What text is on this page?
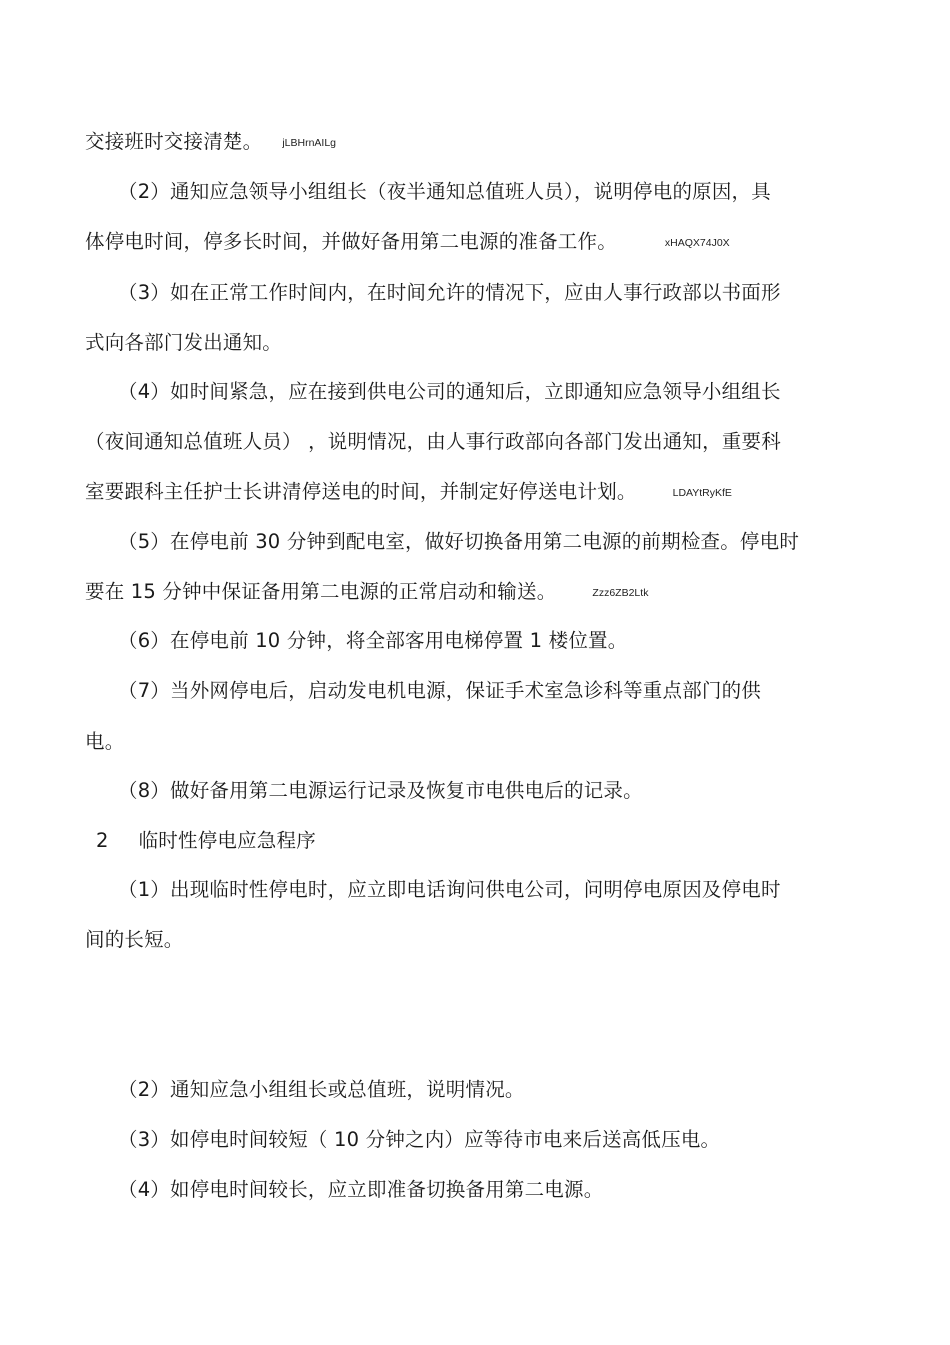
交接班时交接清楚。 jLBHrnAILg
（2）通知应急领导小组组长（夜半通知总值班人员），说明停电的原因，具
体停电时间，停多长时间，并做好备用第二电源的准备工作。	xHAQX74J0X
（3）如在正常工作时间内，在时间允许的情况下，应由人事行政部以书面形
式向各部门发出通知。
（4）如时间紧急，应在接到供电公司的通知后，立即通知应急领导小组组长
（夜间通知总值班人员） ，说明情况，由人事行政部向各部门发出通知，重要科
室要跟科主任护士长讲清停送电的时间，并制定好停送电计划。	LDAYtRyKfE
（5）在停电前 30 分钟到配电室，做好切换备用第二电源的前期检查。停电时
要在 15 分钟中保证备用第二电源的正常启动和输送。	Zzz6ZB2Ltk
（6）在停电前 10 分钟，将全部客用电梯停置 1 楼位置。
（7）当外网停电后，启动发电机电源，保证手术室急诊科等重点部门的供
电。
（8）做好备用第二电源运行记录及恢复市电供电后的记录。
2 临时性停电应急程序
（1）出现临时性停电时，应立即电话询问供电公司，问明停电原因及停电时
间的长短。
（2）通知应急小组组长或总值班，说明情况。
（3）如停电时间较短（ 10 分钟之内）应等待市电来后送高低压电。
（4）如停电时间较长，应立即准备切换备用第二电源。
